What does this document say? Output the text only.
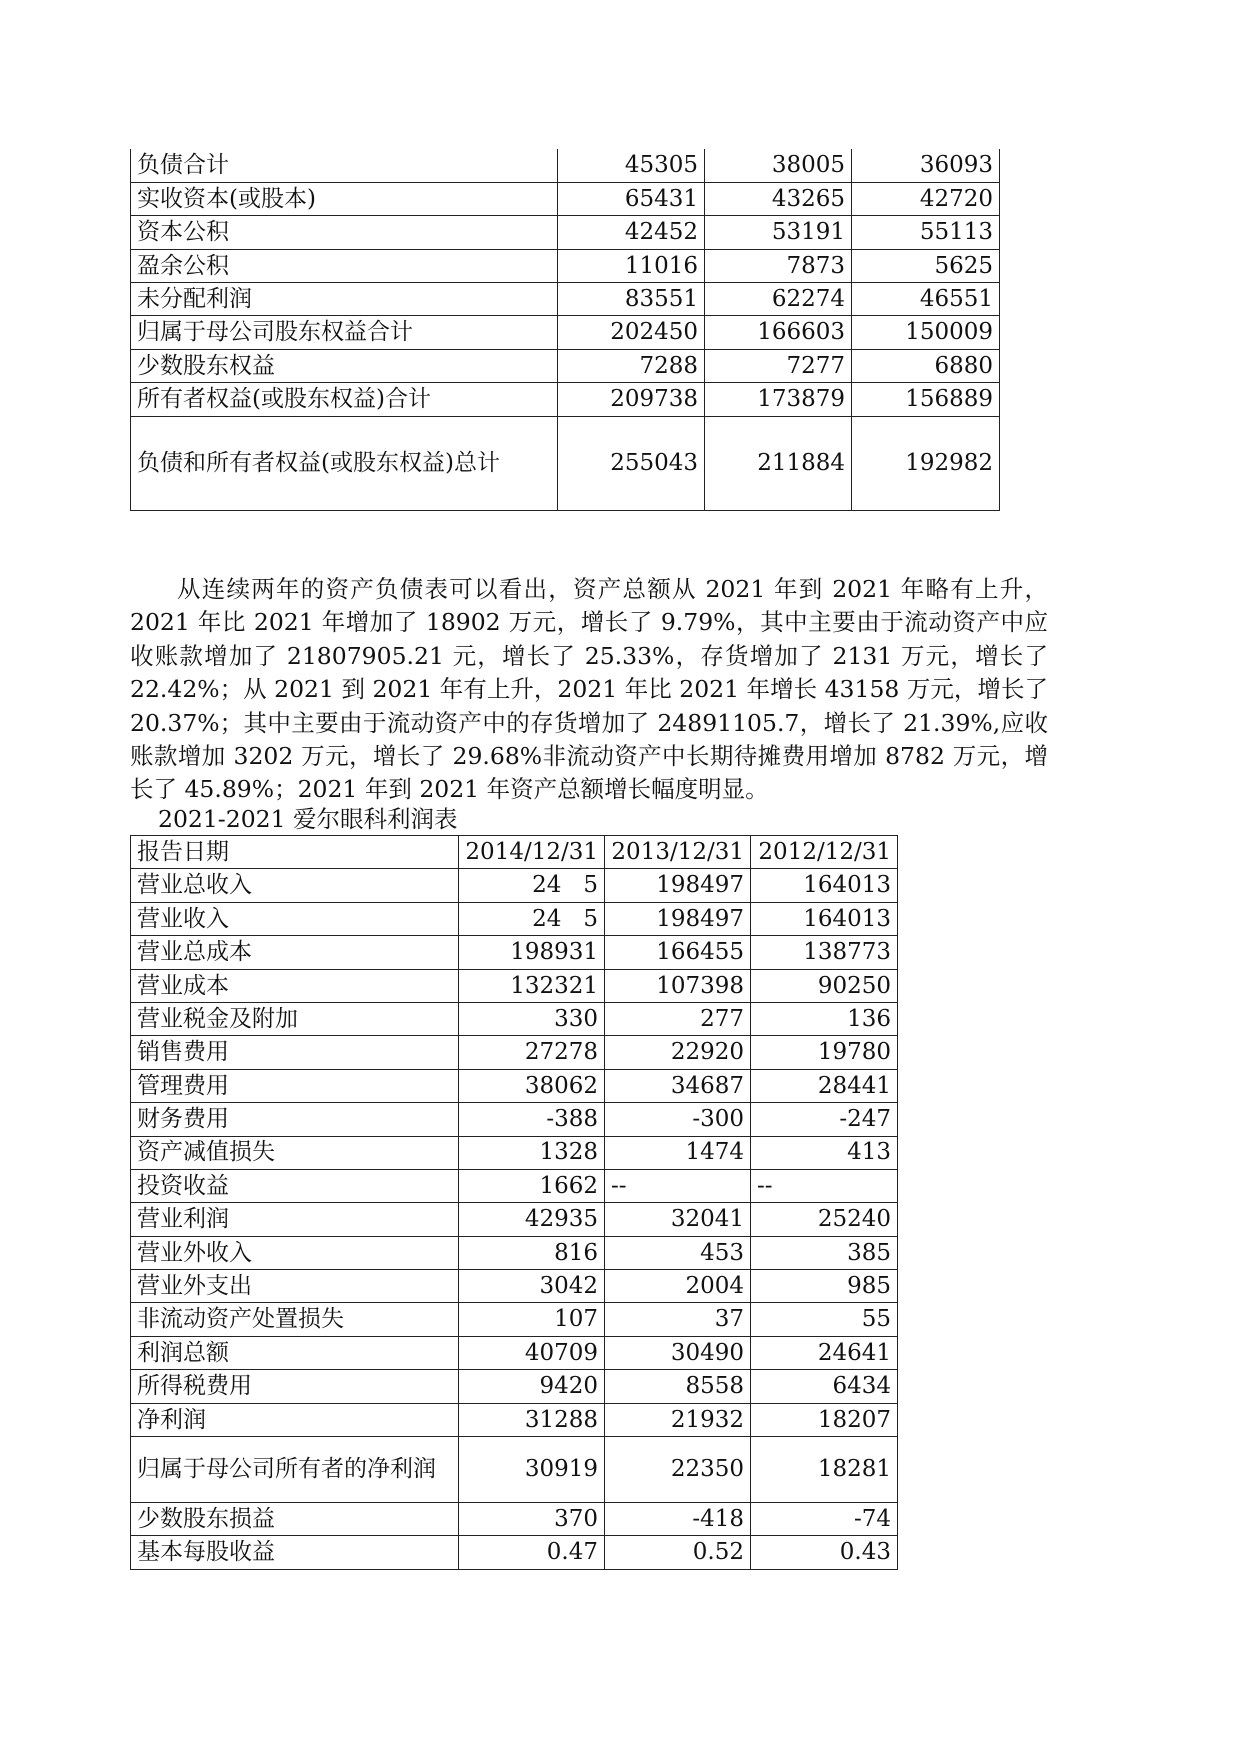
负债合计	45305	38005	36093
实收资本(或股本)	65431	43265	42720
资本公积	42452	53191	55113
盈余公积	11016	7873	5625
未分配利润	83551	62274	46551
归属于母公司股东权益合计	202450	166603	150009
少数股东权益	7288	7277	6880
所有者权益(或股东权益)合计	209738	173879	156889
负债和所有者权益(或股东权益)总计	255043	211884	192982

从连续两年的资产负债表可以看出，资产总额从 2021 年到 2021 年略有上升，2021 年比 2021 年增加了 18902 万元，增长了 9.79%，其中主要由于流动资产中应收账款增加了 21807905.21 元，增长了 25.33%，存货增加了 2131 万元，增长了 22.42%；从 2021 到 2021 年有上升，2021 年比 2021 年增长 43158 万元，增长了 20.37%；其中主要由于流动资产中的存货增加了 24891105.7，增长了 21.39%,应收账款增加 3202 万元，增长了 29.68%非流动资产中长期待摊费用增加 8782 万元，增长了 45.89%；2021 年到 2021 年资产总额增长幅度明显。

2021-2021 爱尔眼科利润表

报告日期	2014/12/31	2013/12/31	2012/12/31
营业总收入	24   5	198497	164013
营业收入	24   5	198497	164013
营业总成本	198931	166455	138773
营业成本	132321	107398	90250
营业税金及附加	330	277	136
销售费用	27278	22920	19780
管理费用	38062	34687	28441
财务费用	-388	-300	-247
资产减值损失	1328	1474	413
投资收益	1662	--	--
营业利润	42935	32041	25240
营业外收入	816	453	385
营业外支出	3042	2004	985
非流动资产处置损失	107	37	55
利润总额	40709	30490	24641
所得税费用	9420	8558	6434
净利润	31288	21932	18207
归属于母公司所有者的净利润	30919	22350	18281
少数股东损益	370	-418	-74
基本每股收益	0.47	0.52	0.43
